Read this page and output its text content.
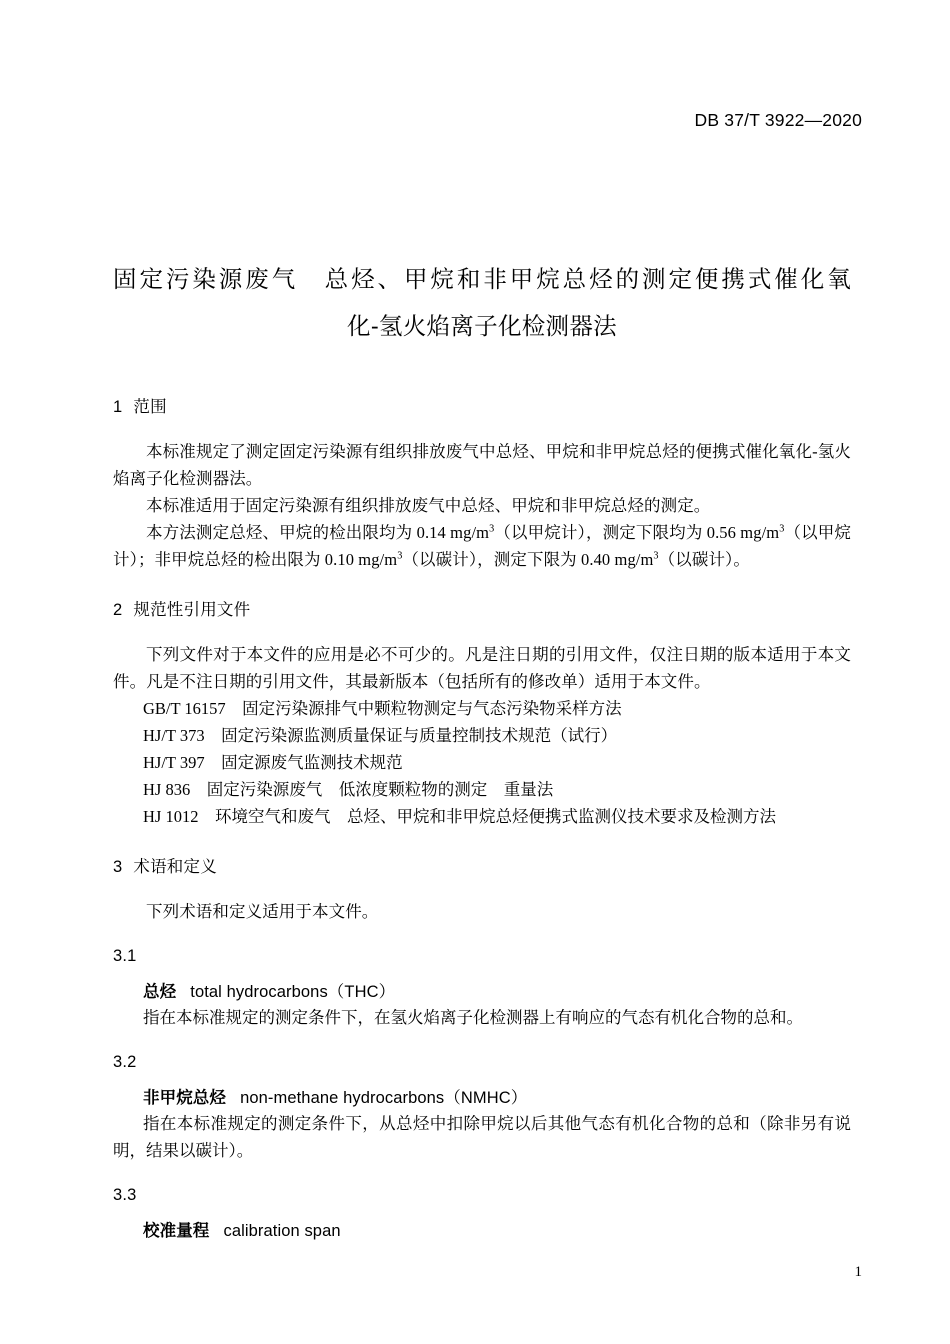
DB 37/T 3922—2020
固定污染源废气　总烃、甲烷和非甲烷总烃的测定便携式催化氧
化-氢火焰离子化检测器法
1 范围

本标准规定了测定固定污染源有组织排放废气中总烃、甲烷和非甲烷总烃的便携式催化氧化-氢火焰离子化检测器法。

本标准适用于固定污染源有组织排放废气中总烃、甲烷和非甲烷总烃的测定。

本方法测定总烃、甲烷的检出限均为 0.14 $mg/m^3$（以甲烷计），测定下限均为 0.56 $mg/m^3$（以甲烷计）；非甲烷总烃的检出限为 0.10 $mg/m^3$（以碳计），测定下限为 0.40 $mg/m^3$（以碳计）。

2 规范性引用文件

下列文件对于本文件的应用是必不可少的。凡是注日期的引用文件，仅注日期的版本适用于本文件。凡是不注日期的引用文件，其最新版本（包括所有的修改单）适用于本文件。

GB/T 16157　固定污染源排气中颗粒物测定与气态污染物采样方法
HJ/T 373　固定污染源监测质量保证与质量控制技术规范（试行）
HJ/T 397　固定源废气监测技术规范
HJ 836　固定污染源废气　低浓度颗粒物的测定　重量法
HJ 1012　环境空气和废气　总烃、甲烷和非甲烷总烃便携式监测仪技术要求及检测方法
3 术语和定义

下列术语和定义适用于本文件。

3.1

总烃 total hydrocarbons（THC）

指在本标准规定的测定条件下，在氢火焰离子化检测器上有响应的气态有机化合物的总和。

3.2

非甲烷总烃 non-methane hydrocarbons（NMHC）

指在本标准规定的测定条件下，从总烃中扣除甲烷以后其他气态有机化合物的总和（除非另有说明，结果以碳计）。

3.3

校准量程 calibration span

1
